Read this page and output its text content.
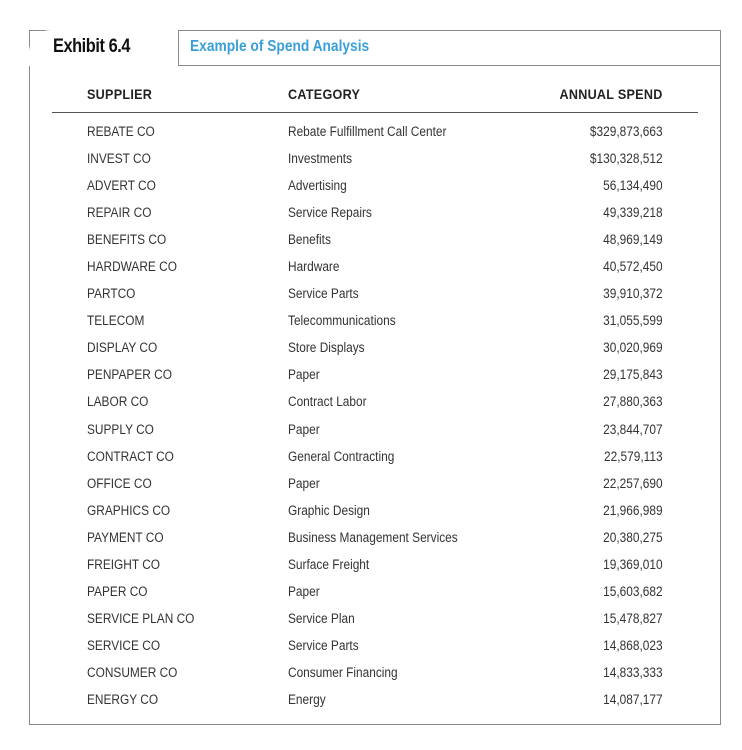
Exhibit 6.4	Example of Spend Analysis
SUPPLIER	CATEGORY	ANNUAL SPEND
REBATE CO	Rebate Fulfillment Call Center	$329,873,663
INVEST CO	Investments	$130,328,512
ADVERT CO	Advertising	56,134,490
REPAIR CO	Service Repairs	49,339,218
BENEFITS CO	Benefits	48,969,149
HARDWARE CO	Hardware	40,572,450
PARTCO	Service Parts	39,910,372
TELECOM	Telecommunications	31,055,599
DISPLAY CO	Store Displays	30,020,969
PENPAPER CO	Paper	29,175,843
LABOR CO	Contract Labor	27,880,363
SUPPLY CO	Paper	23,844,707
CONTRACT CO	General Contracting	22,579,113
OFFICE CO	Paper	22,257,690
GRAPHICS CO	Graphic Design	21,966,989
PAYMENT CO	Business Management Services	20,380,275
FREIGHT CO	Surface Freight	19,369,010
PAPER CO	Paper	15,603,682
SERVICE PLAN CO	Service Plan	15,478,827
SERVICE CO	Service Parts	14,868,023
CONSUMER CO	Consumer Financing	14,833,333
ENERGY CO	Energy	14,087,177
